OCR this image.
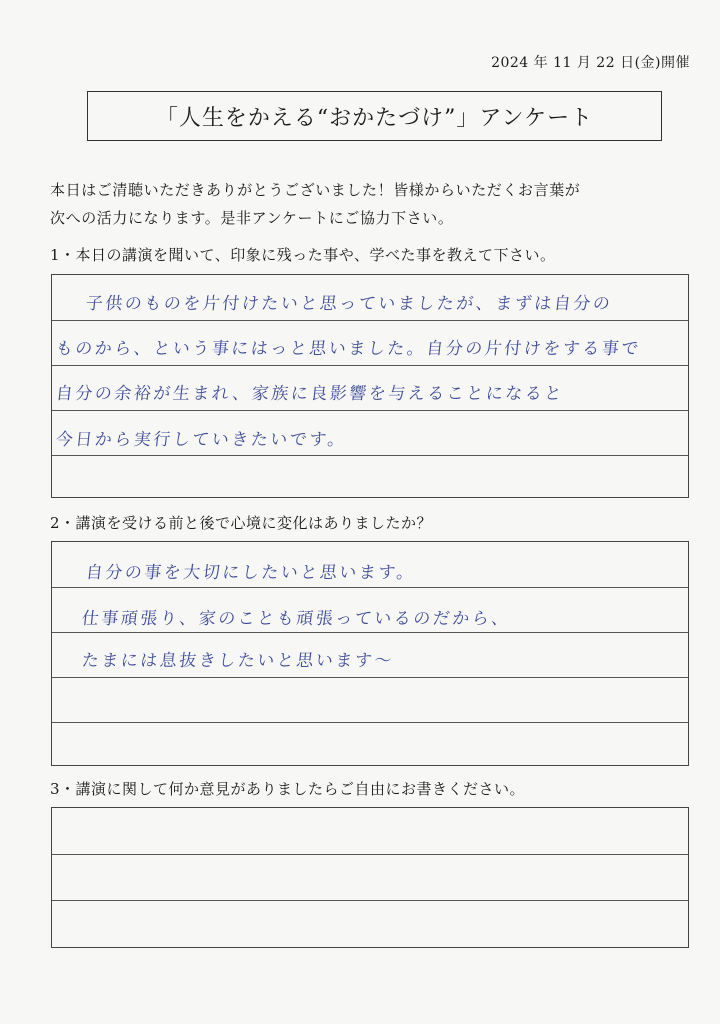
2024 年 11 月 22 日(金)開催
「人生をかえる“おかたづけ”」アンケート
本日はご清聴いただきありがとうございました！皆様からいただくお言葉が
次への活力になります。是非アンケートにご協力下さい。
1・本日の講演を聞いて、印象に残った事や、学べた事を教えて下さい。
子供のものを片付けたいと思っていましたが、まずは自分の
ものから、という事にはっと思いました。自分の片付けをする事で
自分の余裕が生まれ、家族に良影響を与えることになると
今日から実行していきたいです。
2・講演を受ける前と後で心境に変化はありましたか？
自分の事を大切にしたいと思います。
仕事頑張り、家のことも頑張っているのだから、
たまには息抜きしたいと思います〜
3・講演に関して何か意見がありましたらご自由にお書きください。
